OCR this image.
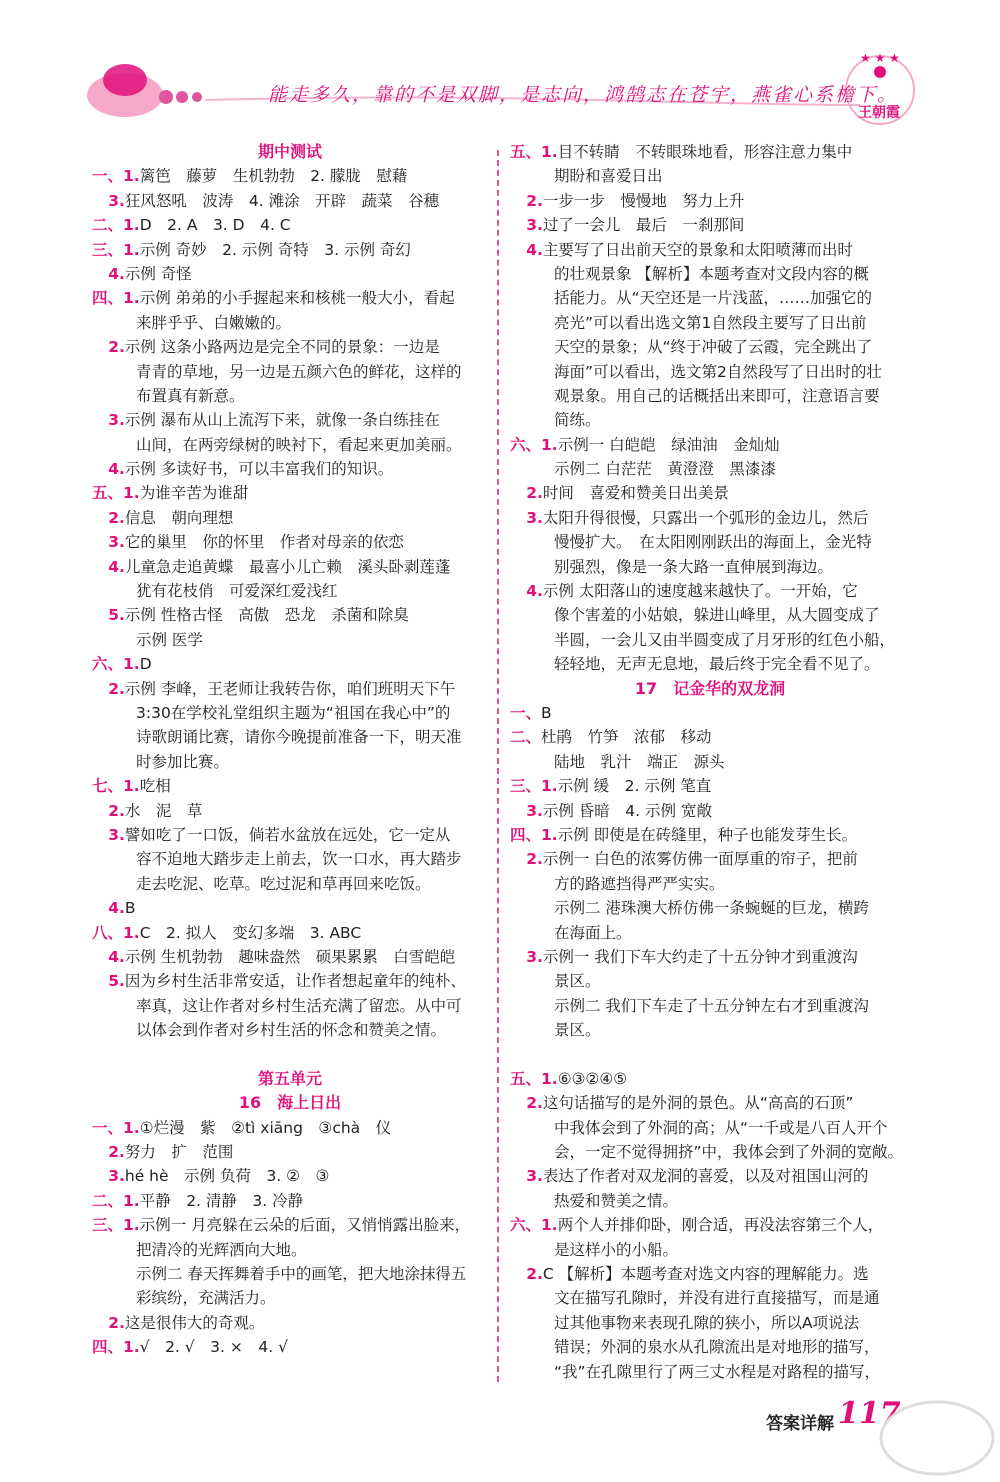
★ ★ ★
能走多久，靠的不是双脚，是志向，鸿鹄志在苍宇，燕雀心系檐下。
王朝霞
期中测试
一、1.篱笆　藤萝　生机勃勃　2. 朦胧　慰藉
3.狂风怒吼　波涛　4. 滩涂　开辟　蔬菜　谷穗
二、1.D　2. A　3. D　4. C
三、1.示例 奇妙　2. 示例 奇特　3. 示例 奇幻
4.示例 奇怪
四、1.示例 弟弟的小手握起来和核桃一般大小，看起
来胖乎乎、白嫩嫩的。
2.示例 这条小路两边是完全不同的景象：一边是
青青的草地，另一边是五颜六色的鲜花，这样的
布置真有新意。
3.示例 瀑布从山上流泻下来，就像一条白练挂在
山间，在两旁绿树的映衬下，看起来更加美丽。
4.示例 多读好书，可以丰富我们的知识。
五、1.为谁辛苦为谁甜
2.信息　朝向理想
3.它的巢里　你的怀里　作者对母亲的依恋
4.儿童急走追黄蝶　最喜小儿亡赖　溪头卧剥莲蓬
犹有花枝俏　可爱深红爱浅红
5.示例 性格古怪　高傲　恐龙　杀菌和除臭
示例 医学
六、1.D
2.示例 李峰，王老师让我转告你，咱们班明天下午
3:30在学校礼堂组织主题为“祖国在我心中”的
诗歌朗诵比赛，请你今晚提前准备一下，明天准
时参加比赛。
七、1.吃相
2.水　泥　草
3.譬如吃了一口饭，倘若水盆放在远处，它一定从
容不迫地大踏步走上前去，饮一口水，再大踏步
走去吃泥、吃草。吃过泥和草再回来吃饭。
4.B
八、1.C　2. 拟人　变幻多端　3. ABC
4.示例 生机勃勃　趣味盎然　硕果累累　白雪皑皑
5.因为乡村生活非常安适，让作者想起童年的纯朴、
率真，这让作者对乡村生活充满了留恋。从中可
以体会到作者对乡村生活的怀念和赞美之情。
第五单元
16　海上日出
一、1.①烂漫　紫　②tì xiāng　③chà　仪
2.努力　扩　范围
3.hé hè　示例 负荷　3. ②　③
二、1.平静　2. 清静　3. 冷静
三、1.示例一 月亮躲在云朵的后面，又悄悄露出脸来，
把清冷的光辉洒向大地。
示例二 春天挥舞着手中的画笔，把大地涂抹得五
彩缤纷，充满活力。
2.这是很伟大的奇观。
四、1.√　2. √　3. ×　4. √
五、1.目不转睛　不转眼珠地看，形容注意力集中
期盼和喜爱日出
2.一步一步　慢慢地　努力上升
3.过了一会儿　最后　一刹那间
4.主要写了日出前天空的景象和太阳喷薄而出时
的壮观景象 【解析】本题考查对文段内容的概
括能力。从“天空还是一片浅蓝，……加强它的
亮光”可以看出选文第1自然段主要写了日出前
天空的景象；从“终于冲破了云霞，完全跳出了
海面”可以看出，选文第2自然段写了日出时的壮
观景象。用自己的话概括出来即可，注意语言要
简练。
六、1.示例一 白皑皑　绿油油　金灿灿
示例二 白茫茫　黄澄澄　黑漆漆
2.时间　喜爱和赞美日出美景
3.太阳升得很慢，只露出一个弧形的金边儿，然后
慢慢扩大。　在太阳刚刚跃出的海面上，金光特
别强烈，像是一条大路一直伸展到海边。
4.示例 太阳落山的速度越来越快了。一开始，它
像个害羞的小姑娘，躲进山峰里，从大圆变成了
半圆，一会儿又由半圆变成了月牙形的红色小船，
轻轻地，无声无息地，最后终于完全看不见了。
17　记金华的双龙洞
一、B
二、杜鹃　竹笋　浓郁　移动
陆地　乳汁　端正　源头
三、1.示例 缓　2. 示例 笔直
3.示例 昏暗　4. 示例 宽敞
四、1.示例 即使是在砖缝里，种子也能发芽生长。
2.示例一 白色的浓雾仿佛一面厚重的帘子，把前
方的路遮挡得严严实实。
示例二 港珠澳大桥仿佛一条蜿蜒的巨龙，横跨
在海面上。
3.示例一 我们下车大约走了十五分钟才到重渡沟
景区。
示例二 我们下车走了十五分钟左右才到重渡沟
景区。
五、1.⑥③②④⑤
2.这句话描写的是外洞的景色。从“高高的石顶”
中我体会到了外洞的高；从“一千或是八百人开个
会，一定不觉得拥挤”中，我体会到了外洞的宽敞。
3.表达了作者对双龙洞的喜爱，以及对祖国山河的
热爱和赞美之情。
六、1.两个人并排仰卧，刚合适，再没法容第三个人，
是这样小的小船。
2.C 【解析】本题考查对选文内容的理解能力。选
文在描写孔隙时，并没有进行直接描写，而是通
过其他事物来表现孔隙的狭小，所以A项说法
错误；外洞的泉水从孔隙流出是对地形的描写，
“我”在孔隙里行了两三丈水程是对路程的描写，
答案详解 117
